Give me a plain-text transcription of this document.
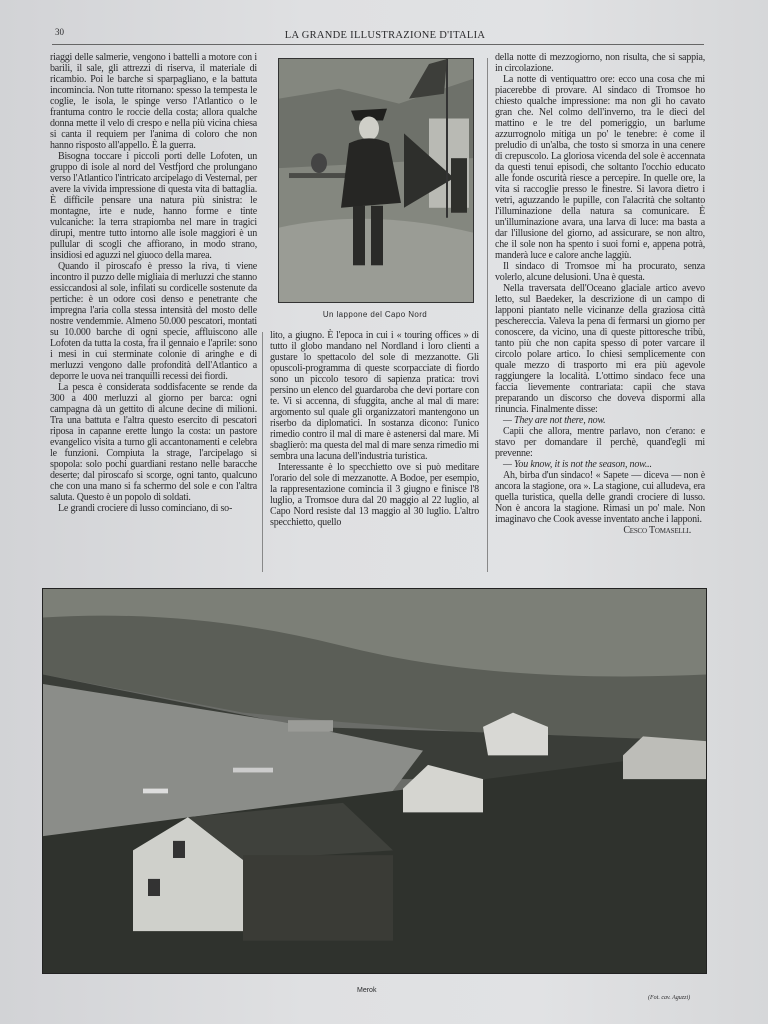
30	LA GRANDE ILLUSTRAZIONE D'ITALIA

riaggi delle salmerie, vengono i battelli a motore con i barili, il sale, gli attrezzi di riserva, il materiale di ricambio. Poi le barche si sparpagliano, e la battuta incomincia. Non tutte ritornano: spesso la tempesta le coglie, le isola, le spinge verso l'Atlantico o le frantuma contro le roccie della costa; allora qualche donna mette il velo di crespo e nella più vicina chiesa si canta il requiem per l'anima di coloro che non hanno risposto all'appello. È la guerra.

Bisogna toccare i piccoli porti delle Lofoten, un gruppo di isole al nord del Vestfjord che prolungano verso l'Atlantico l'intricato arcipelago di Vesternal, per avere la vivida impressione di questa vita di battaglia. È difficile pensare una natura più sinistra: le montagne, irte e nude, hanno forme e tinte vulcaniche: la terra strapiomba nel mare in tragici dirupi, mentre tutto intorno alle isole maggiori è un pullular di scogli che affiorano, in modo strano, insidiosi ed aguzzi nel giuoco della marea.

Quando il piroscafo è presso la riva, ti viene incontro il puzzo delle migliaia di merluzzi che stanno essiccandosi al sole, infilati su cordicelle sostenute da pertiche: è un odore così denso e penetrante che impregna l'aria colla stessa intensità del mosto delle nostre vendemmie. Almeno 50.000 pescatori, montati su 10.000 barche di ogni specie, affluiscono alle Lofoten da tutta la costa, fra il gennaio e l'aprile: sono i mesi in cui sterminate colonie di aringhe e di merluzzi vengono dalle profondità dell'Atlantico a deporre le uova nei tranquilli recessi dei fiordi.

La pesca è considerata soddisfacente se rende da 300 a 400 merluzzi al giorno per barca: ogni campagna dà un gettito di alcune decine di milioni. Tra una battuta e l'altra questo esercito di pescatori riposa in capanne erette lungo la costa: un pastore evangelico visita a turno gli accantonamenti e celebra le funzioni. Compiuta la strage, l'arcipelago si spopola: solo pochi guardiani restano nelle baracche deserte; dal piroscafo si scorge, ogni tanto, qualcuno che con una mano si fa schermo del sole e con l'altra saluta. Questo è un popolo di soldati.

Le grandi crociere di lusso cominciano, di so-

Un lappone del Capo Nord

lito, a giugno. È l'epoca in cui i « touring offices » di tutto il globo mandano nel Nordland i loro clienti a gustare lo spettacolo del sole di mezzanotte. Gli opuscoli-programma di queste scorpacciate di fiordo sono un piccolo tesoro di sapienza pratica: trovi persino un elenco del guardaroba che devi portare con te. Vi si accenna, di sfuggita, anche al mal di mare: argomento sul quale gli organizzatori mantengono un riserbo da diplomatici. In sostanza dicono: l'unico rimedio contro il mal di mare è astenersi dal mare. Mi sbaglierò: ma questa del mal di mare senza rimedio mi sembra una lacuna dell'industria turistica.

Interessante è lo specchietto ove si può meditare l'orario del sole di mezzanotte. A Bodoe, per esempio, la rappresentazione comincia il 3 giugno e finisce l'8 luglio, a Tromsoe dura dal 20 maggio al 22 luglio, al Capo Nord resiste dal 13 maggio al 30 luglio. L'altro specchietto, quello

della notte di mezzogiorno, non risulta, che si sappia, in circolazione.

La notte di ventiquattro ore: ecco una cosa che mi piacerebbe di provare. Al sindaco di Tromsoe ho chiesto qualche impressione: ma non gli ho cavato gran che. Nel colmo dell'inverno, tra le dieci del mattino e le tre del pomeriggio, un barlume azzurrognolo mitiga un po' le tenebre: è come il preludio di un'alba, che tosto si smorza in una cenere di crepuscolo. La gloriosa vicenda del sole è accennata da questi tenui episodi, che soltanto l'occhio educato alle fonde oscurità riesce a percepire. In quelle ore, la vita si raccoglie presso le finestre. Si lavora dietro i vetri, aguzzando le pupille, con l'alacrità che soltanto l'illuminazione della natura sa comunicare. È un'illuminazione avara, una larva di luce: ma basta a dar l'illusione del giorno, ad assicurare, se non altro, che il sole non ha spento i suoi forni e, appena potrà, manderà luce e calore anche laggiù.

Il sindaco di Tromsoe mi ha procurato, senza volerlo, alcune delusioni. Una è questa.

Nella traversata dell'Oceano glaciale artico avevo letto, sul Baedeker, la descrizione di un campo di lapponi piantato nelle vicinanze della graziosa città peschereccia. Valeva la pena di fermarsi un giorno per conoscere, da vicino, una di queste pittoresche tribù, tanto più che non capita spesso di poter varcare il circolo polare artico. Io chiesi semplicemente con quale mezzo di trasporto mi era più agevole raggiungere la località. L'ottimo sindaco fece una faccia lievemente contrariata: capii che stava preparando un discorso che doveva dispormi alla rinuncia. Finalmente disse:

— They are not there, now.

Capii che allora, mentre parlavo, non c'erano: e stavo per domandare il perchè, quand'egli mi prevenne:

— You know, it is not the season, now...

Ah, birba d'un sindaco! « Sapete — diceva — non è ancora la stagione, ora ». La stagione, cui alludeva, era quella turistica, quella delle grandi crociere di lusso. Non è ancora la stagione. Rimasi un po' male. Non imaginavo che Cook avesse inventato anche i lapponi.

Cesco Tomaselli.
Merok
(Fot. cav. Aguzzi)
